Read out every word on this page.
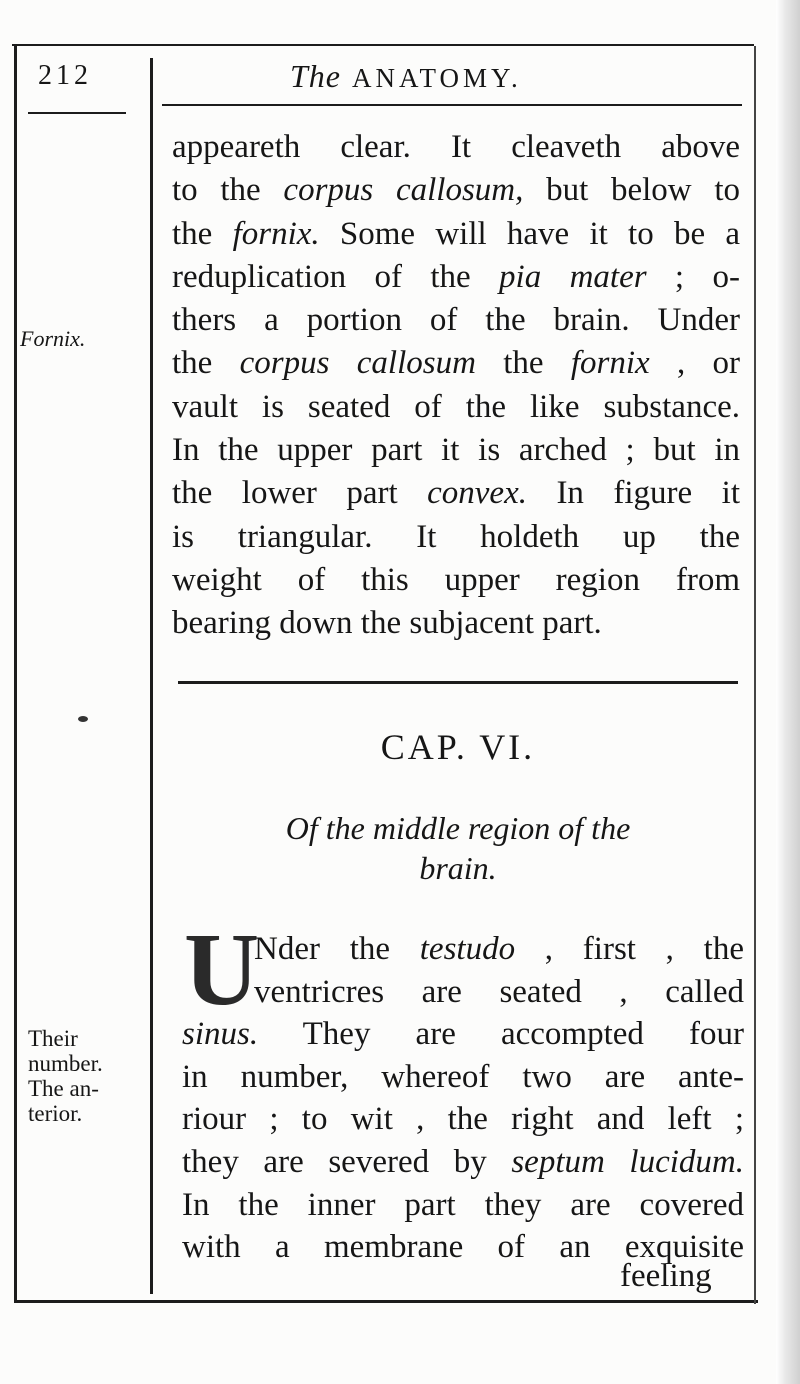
212	The ANATOMY.
Fornix.
Their
number.
The an-
terior.
appeareth clear. It cleaveth above
to the corpus callosum, but below to
the fornix. Some will have it to be a
reduplication of the pia mater ; o-
thers a portion of the brain. Under
the corpus callosum the fornix , or
vault is seated of the like substance.
In the upper part it is arched ; but in
the lower part convex. In figure it
is triangular. It holdeth up the
weight of this upper region from
bearing down the subjacent part.
CAP. VI.
Of the middle region of the
brain.
U
Nder the testudo , first , the
ventricres are seated , called
sinus. They are accompted four
in number, whereof two are ante-
riour ; to wit , the right and left ;
they are severed by septum lucidum.
In the inner part they are covered
with a membrane of an exquisite
feeling
